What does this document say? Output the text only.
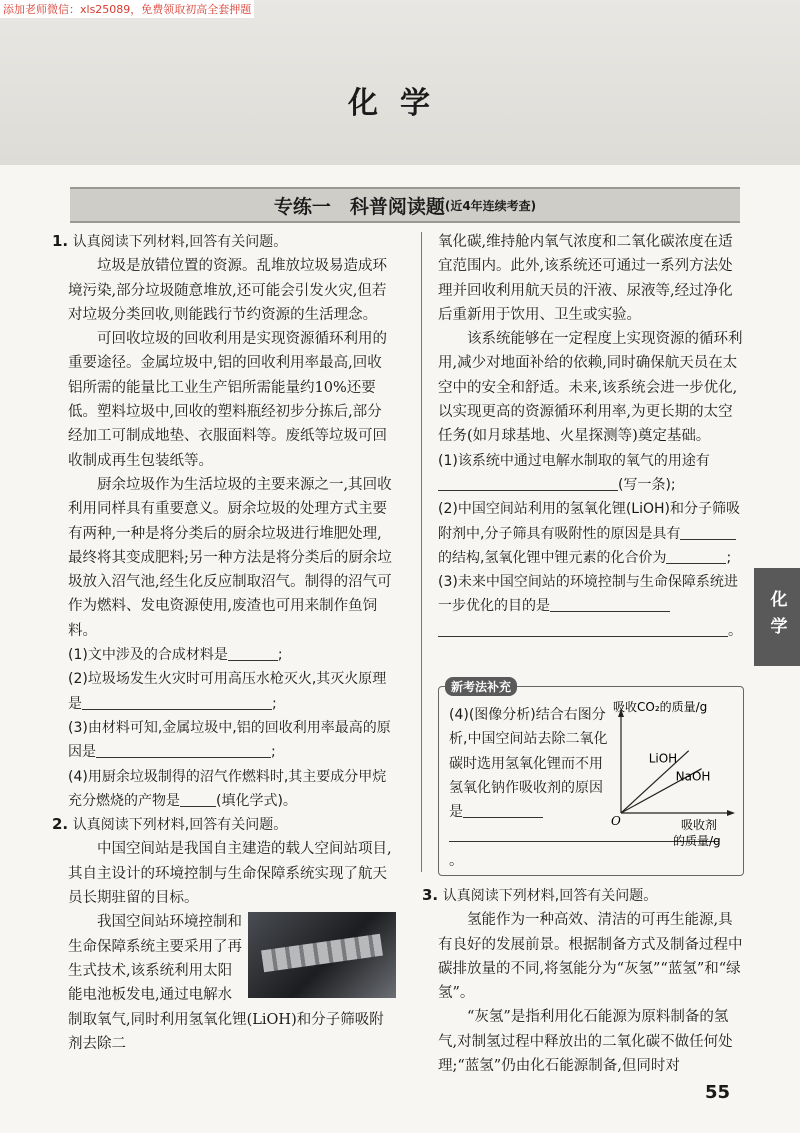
添加老师微信：xls25089，免费领取初高全套押题
化学
专练一　科普阅读题 (近4年连续考查)

1. 认真阅读下列材料,回答有关问题。

垃圾是放错位置的资源。乱堆放垃圾易造成环境污染,部分垃圾随意堆放,还可能会引发火灾,但若对垃圾分类回收,则能践行节约资源的生活理念。

可回收垃圾的回收利用是实现资源循环利用的重要途径。金属垃圾中,铝的回收利用率最高,回收铝所需的能量比工业生产铝所需能量约10%还要低。塑料垃圾中,回收的塑料瓶经初步分拣后,部分经加工可制成地垫、衣服面料等。废纸等垃圾可回收制成再生包装纸等。

厨余垃圾作为生活垃圾的主要来源之一,其回收利用同样具有重要意义。厨余垃圾的处理方式主要有两种,一种是将分类后的厨余垃圾进行堆肥处理,最终将其变成肥料;另一种方法是将分类后的厨余垃圾放入沼气池,经生化反应制取沼气。制得的沼气可作为燃料、发电资源使用,废渣也可用来制作鱼饲料。

(1)文中涉及的合成材料是	;

(2)垃圾场发生火灾时可用高压水枪灭火,其灭火原理是	;

(3)由材料可知,金属垃圾中,铝的回收利用率最高的原因是	;

(4)用厨余垃圾制得的沼气作燃料时,其主要成分甲烷充分燃烧的产物是	(填化学式)。

2. 认真阅读下列材料,回答有关问题。

中国空间站是我国自主建造的载人空间站项目,其自主设计的环境控制与生命保障系统实现了航天员长期驻留的目标。

我国空间站环境控制和生命保障系统主要采用了再生式技术,该系统利用太阳能电池板发电,通过电解水制取氧气,同时利用氢氧化锂(LiOH)和分子筛吸附剂去除二

氧化碳,维持舱内氧气浓度和二氧化碳浓度在适宜范围内。此外,该系统还可通过一系列方法处理并回收利用航天员的汗液、尿液等,经过净化后重新用于饮用、卫生或实验。

该系统能够在一定程度上实现资源的循环利用,减少对地面补给的依赖,同时确保航天员在太空中的安全和舒适。未来,该系统会进一步优化,以实现更高的资源循环利用率,为更长期的太空任务(如月球基地、火星探测等)奠定基础。

(1)该系统中通过电解水制取的氧气的用途有(写一条);

(2)中国空间站利用的氢氧化锂(LiOH)和分子筛吸附剂中,分子筛具有吸附性的原因是具有的结构,氢氧化锂中锂元素的化合价为	;

(3)未来中国空间站的环境控制与生命保障系统进一步优化的目的是
。

新考法补充
(4)(图像分析)结合右图分析,中国空间站去除二氧化碳时选用氢氧化锂而不用氢氧化钠作吸收剂的原因是
。
吸收CO₂的质量/g
O	吸收剂
的质量/g
LiOH
NaOH

3. 认真阅读下列材料,回答有关问题。

氢能作为一种高效、清洁的可再生能源,具有良好的发展前景。根据制备方式及制备过程中碳排放量的不同,将氢能分为“灰氢”“蓝氢”和“绿氢”。

“灰氢”是指利用化石能源为原料制备的氢气,对制氢过程中释放出的二氧化碳不做任何处理;“蓝氢”仍由化石能源制备,但同时对

化学
55
